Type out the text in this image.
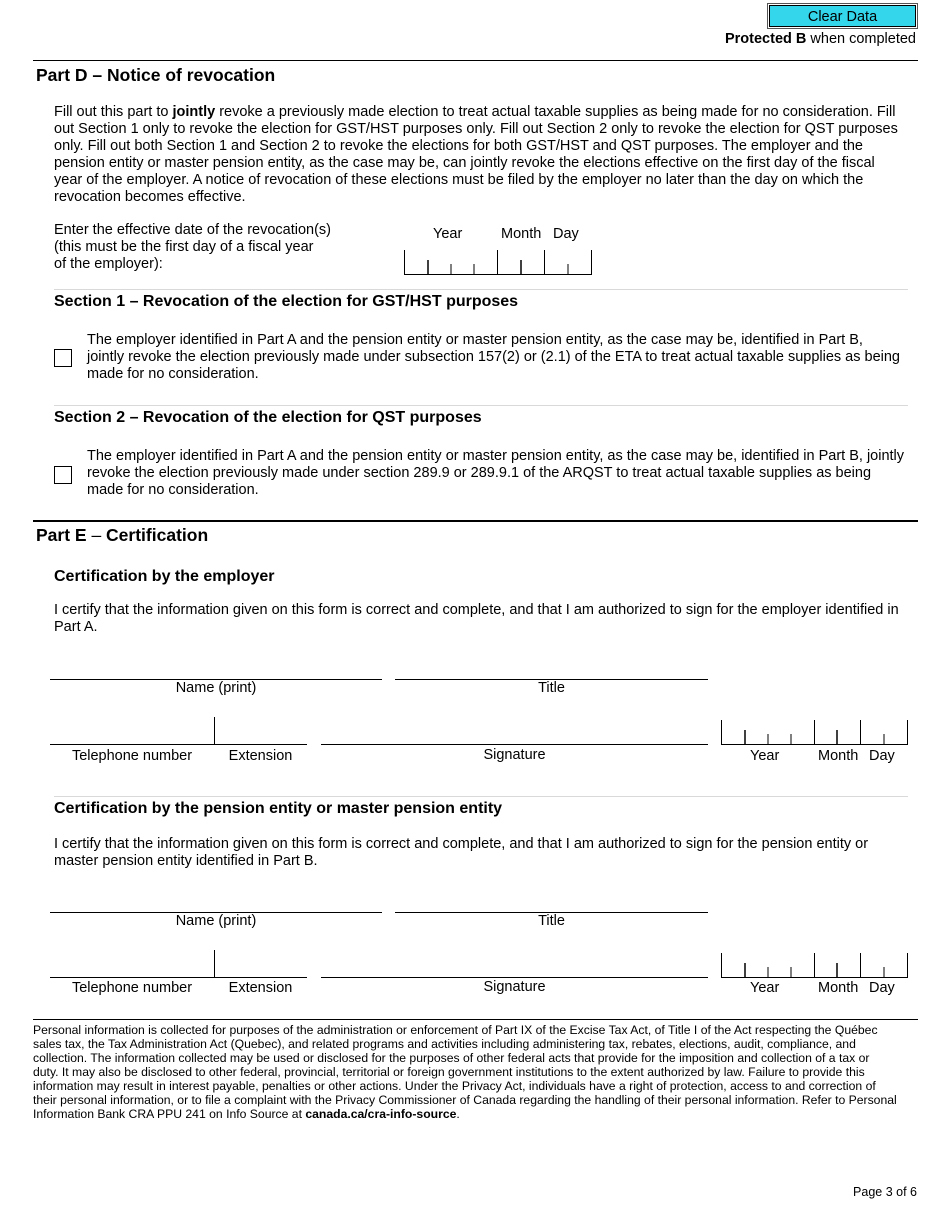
Clear Data
Protected B when completed
Part D – Notice of revocation
Fill out this part to jointly revoke a previously made election to treat actual taxable supplies as being made for no consideration. Fill out Section 1 only to revoke the election for GST/HST purposes only. Fill out Section 2 only to revoke the election for QST purposes only. Fill out both Section 1 and Section 2 to revoke the elections for both GST/HST and QST purposes. The employer and the pension entity or master pension entity, as the case may be, can jointly revoke the elections effective on the first day of the fiscal year of the employer. A notice of revocation of these elections must be filed by the employer no later than the day on which the revocation becomes effective.
Enter the effective date of the revocation(s)
(this must be the first day of a fiscal year
of the employer):
Year	Month Day
Section 1 – Revocation of the election for GST/HST purposes
The employer identified in Part A and the pension entity or master pension entity, as the case may be, identified in Part B, jointly revoke the election previously made under subsection 157(2) or (2.1) of the ETA to treat actual taxable supplies as being made for no consideration.
Section 2 – Revocation of the election for QST purposes
The employer identified in Part A and the pension entity or master pension entity, as the case may be, identified in Part B, jointly revoke the election previously made under section 289.9 or 289.9.1 of the ARQST to treat actual taxable supplies as being made for no consideration.
Part E – Certification
Certification by the employer
I certify that the information given on this form is correct and complete, and that I am authorized to sign for the employer identified in Part A.
Name (print)	Title
Telephone number	Extension	Signature	Year	Month Day
Certification by the pension entity or master pension entity
I certify that the information given on this form is correct and complete, and that I am authorized to sign for the pension entity or master pension entity identified in Part B.
Name (print)	Title
Telephone number	Extension	Signature	Year	Month Day
Personal information is collected for purposes of the administration or enforcement of Part IX of the Excise Tax Act, of Title I of the Act respecting the Québec sales tax, the Tax Administration Act (Quebec), and related programs and activities including administering tax, rebates, elections, audit, compliance, and collection. The information collected may be used or disclosed for the purposes of other federal acts that provide for the imposition and collection of a tax or duty. It may also be disclosed to other federal, provincial, territorial or foreign government institutions to the extent authorized by law. Failure to provide this information may result in interest payable, penalties or other actions. Under the Privacy Act, individuals have a right of protection, access to and correction of their personal information, or to file a complaint with the Privacy Commissioner of Canada regarding the handling of their personal information. Refer to Personal Information Bank CRA PPU 241 on Info Source at canada.ca/cra-info-source.
Page 3 of 6
